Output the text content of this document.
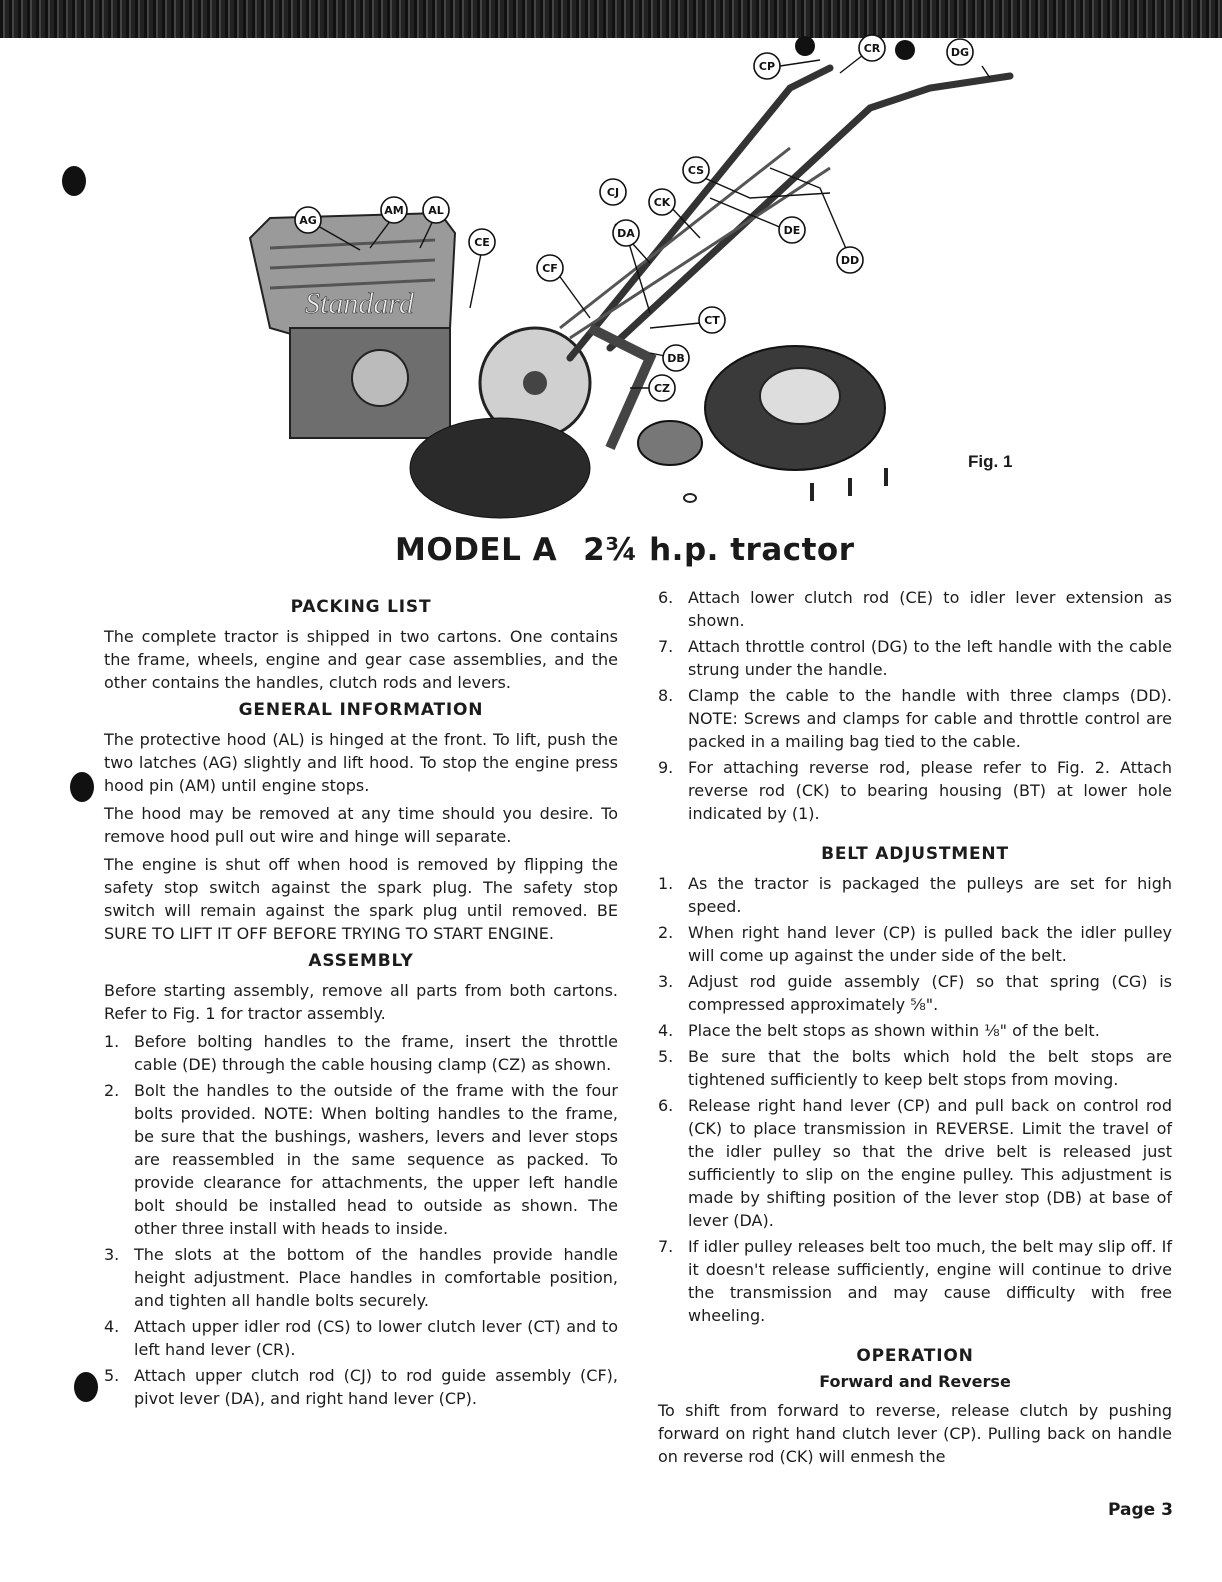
Standard
CP
CR	DG
CS
CJ
CK
DE
DA
DD
AG
AM AL
CE
CF
CT
DB
CZ
Fig. 1
MODEL A 2¾ h.p. tractor
PACKING LIST

The complete tractor is shipped in two cartons. One contains the frame, wheels, engine and gear case assemblies, and the other contains the handles, clutch rods and levers.

GENERAL INFORMATION

The protective hood (AL) is hinged at the front. To lift, push the two latches (AG) slightly and lift hood. To stop the engine press hood pin (AM) until engine stops.

The hood may be removed at any time should you desire. To remove hood pull out wire and hinge will separate.

The engine is shut off when hood is removed by flipping the safety stop switch against the spark plug. The safety stop switch will remain against the spark plug until removed. BE SURE TO LIFT IT OFF BEFORE TRYING TO START ENGINE.

ASSEMBLY

Before starting assembly, remove all parts from both cartons. Refer to Fig. 1 for tractor assembly.

1. Before bolting handles to the frame, insert the throttle cable (DE) through the cable housing clamp (CZ) as shown.
2. Bolt the handles to the outside of the frame with the four bolts provided. NOTE: When bolting handles to the frame, be sure that the bushings, washers, levers and lever stops are reassembled in the same sequence as packed. To provide clearance for attachments, the upper left handle bolt should be installed head to outside as shown. The other three install with heads to inside.
3. The slots at the bottom of the handles provide handle height adjustment. Place handles in comfortable position, and tighten all handle bolts securely.
4. Attach upper idler rod (CS) to lower clutch lever (CT) and to left hand lever (CR).
5. Attach upper clutch rod (CJ) to rod guide assembly (CF), pivot lever (DA), and right hand lever (CP).
6. Attach lower clutch rod (CE) to idler lever extension as shown.
7. Attach throttle control (DG) to the left handle with the cable strung under the handle.
8. Clamp the cable to the handle with three clamps (DD). NOTE: Screws and clamps for cable and throttle control are packed in a mailing bag tied to the cable.
9. For attaching reverse rod, please refer to Fig. 2. Attach reverse rod (CK) to bearing housing (BT) at lower hole indicated by (1).
BELT ADJUSTMENT
1. As the tractor is packaged the pulleys are set for high speed.
2. When right hand lever (CP) is pulled back the idler pulley will come up against the under side of the belt.
3. Adjust rod guide assembly (CF) so that spring (CG) is compressed approximately ⅝".
4. Place the belt stops as shown within ⅛" of the belt.
5. Be sure that the bolts which hold the belt stops are tightened sufficiently to keep belt stops from moving.
6. Release right hand lever (CP) and pull back on control rod (CK) to place transmission in REVERSE. Limit the travel of the idler pulley so that the drive belt is released just sufficiently to slip on the engine pulley. This adjustment is made by shifting position of the lever stop (DB) at base of lever (DA).
7. If idler pulley releases belt too much, the belt may slip off. If it doesn't release sufficiently, engine will continue to drive the transmission and may cause difficulty with free wheeling.
OPERATION
Forward and Reverse

To shift from forward to reverse, release clutch by pushing forward on right hand clutch lever (CP). Pulling back on handle on reverse rod (CK) will enmesh the

Page 3
